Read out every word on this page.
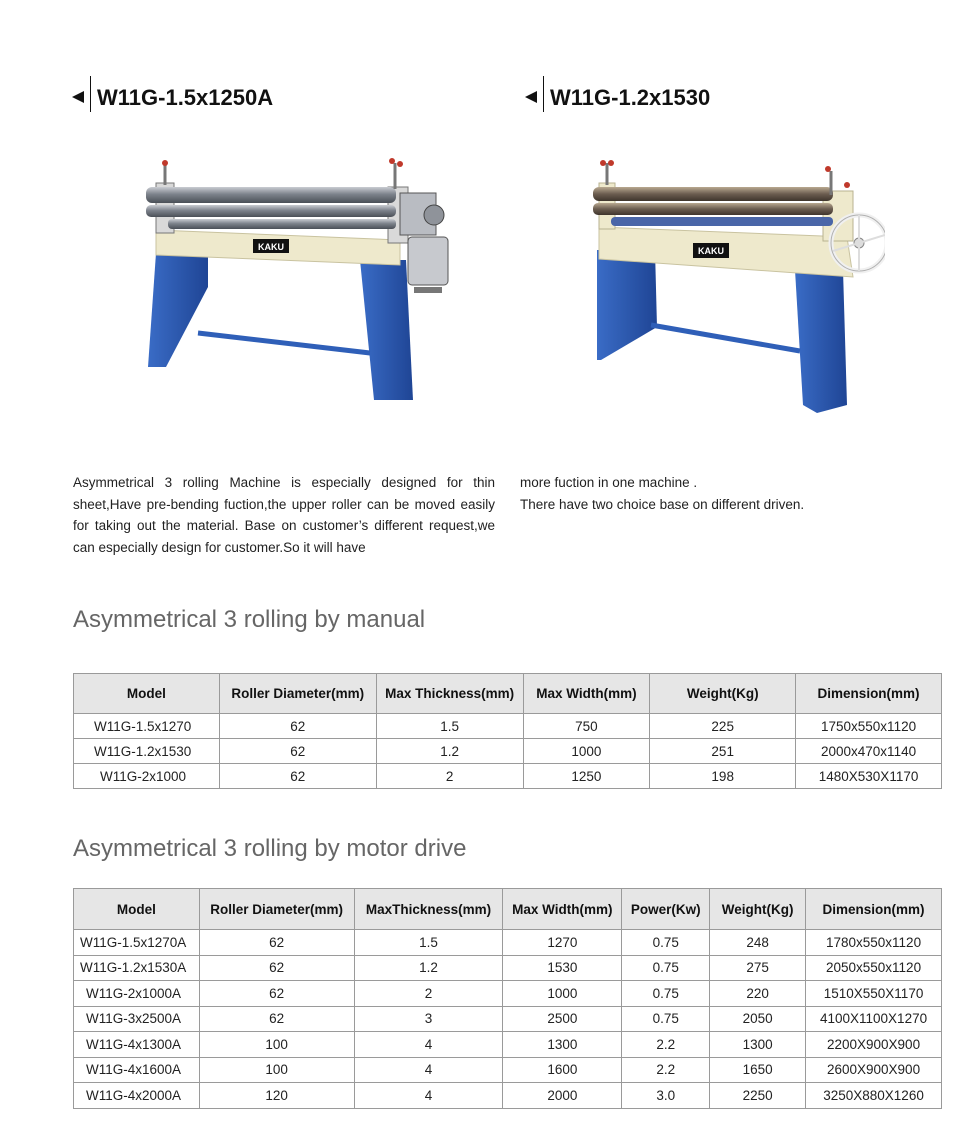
W11G-1.5x1250A	W11G-1.2x1530
KAKU	KAKU

Asymmetrical 3 rolling Machine is especially designed for thin sheet,Have pre-bending fuction,the upper roller can be moved easily for taking out the material. Base on customer’s different request,we can especially design for customer.So it will have

more fuction in one machine .

There have two choice base on different driven.

Asymmetrical 3 rolling by manual
Model	Roller Diameter(mm)	Max Thickness(mm)	Max Width(mm)	Weight(Kg)	Dimension(mm)
W11G-1.5x1270	62	1.5	750	225	1750x550x1120
W11G-1.2x1530	62	1.2	1000	251	2000x470x1140
W11G-2x1000	62	2	1250	198	1480X530X1170
Asymmetrical 3 rolling by motor drive
Model	Roller Diameter(mm)	MaxThickness(mm)	Max Width(mm)	Power(Kw)	Weight(Kg)	Dimension(mm)
W11G-1.5x1270A	62	1.5	1270	0.75	248	1780x550x1120
W11G-1.2x1530A	62	1.2	1530	0.75	275	2050x550x1120
W11G-2x1000A	62	2	1000	0.75	220	1510X550X1170
W11G-3x2500A	62	3	2500	0.75	2050	4100X1100X1270
W11G-4x1300A	100	4	1300	2.2	1300	2200X900X900
W11G-4x1600A	100	4	1600	2.2	1650	2600X900X900
W11G-4x2000A	120	4	2000	3.0	2250	3250X880X1260
